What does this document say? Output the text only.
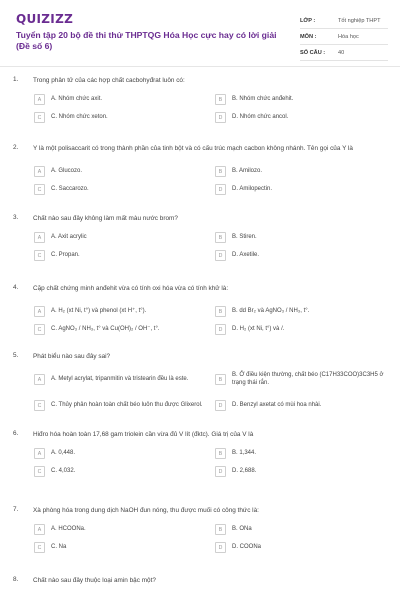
QUIZIZZ
Tuyển tập 20 bộ đề thi thử THPTQG Hóa Học cực hay có lời giải (Đề số 6)
LỚP :	Tốt nghiệp THPT
MÔN :	Hóa học
SỐ CÂU :	40
1. Trong phân tử của các hợp chất cacbohyđrat luôn có:
A	A. Nhóm chức axit.	B	B. Nhóm chức anđehit.
C	C. Nhóm chức xeton.	D	D. Nhóm chức ancol.
2. Y là một polisaccarit có trong thành phần của tinh bột và có cấu trúc mạch cacbon không nhánh. Tên gọi của Y là
A	A. Glucozo.	B	B. Amilozo.
C	C. Saccarozo.	D	D. Amilopectin.
3. Chất nào sau đây không làm mất màu nước brom?
A	A. Axit acrylic	B	B. Stiren.
C	C. Propan.	D	D. Axetile.
4. Cặp chất chứng minh anđehit vừa có tính oxi hóa vừa có tính khử là:
A	A. H₂ (xt Ni, t°) và phenol (xt H⁺, t°).	B	B. dd Br₂ và AgNO₃ / NH₃, t°.
C	C. AgNO₃ / NH₃, t° và Cu(OH)₂ / OH⁻, t°.	D	D. H₂ (xt Ni, t°) và /.
5. Phát biểu nào sau đây sai?
A	A. Metyl acrylat, tripanmitin và tristearin đều là este.	B
B. Ở điều kiện thường, chất béo (C17H33COO)3C3H5 ở trạng thái rắn.
C	C. Thủy phân hoàn toàn chất béo luôn thu được Glixerol.	D	D. Benzyl axetat có mùi hoa nhài.
6. Hiđro hóa hoàn toàn 17,68 gam triolein cần vừa đủ V lít (đktc). Giá trị của V là
A	A. 0,448.	B	B. 1,344.
C	C. 4,032.	D	D. 2,688.
7. Xà phòng hóa trong dung dịch NaOH đun nóng, thu được muối có công thức là:
A	A. HCOONa.	B	B. ONa
C	C. Na	D	D. COONa
8. Chất nào sau đây thuộc loại amin bậc một?
